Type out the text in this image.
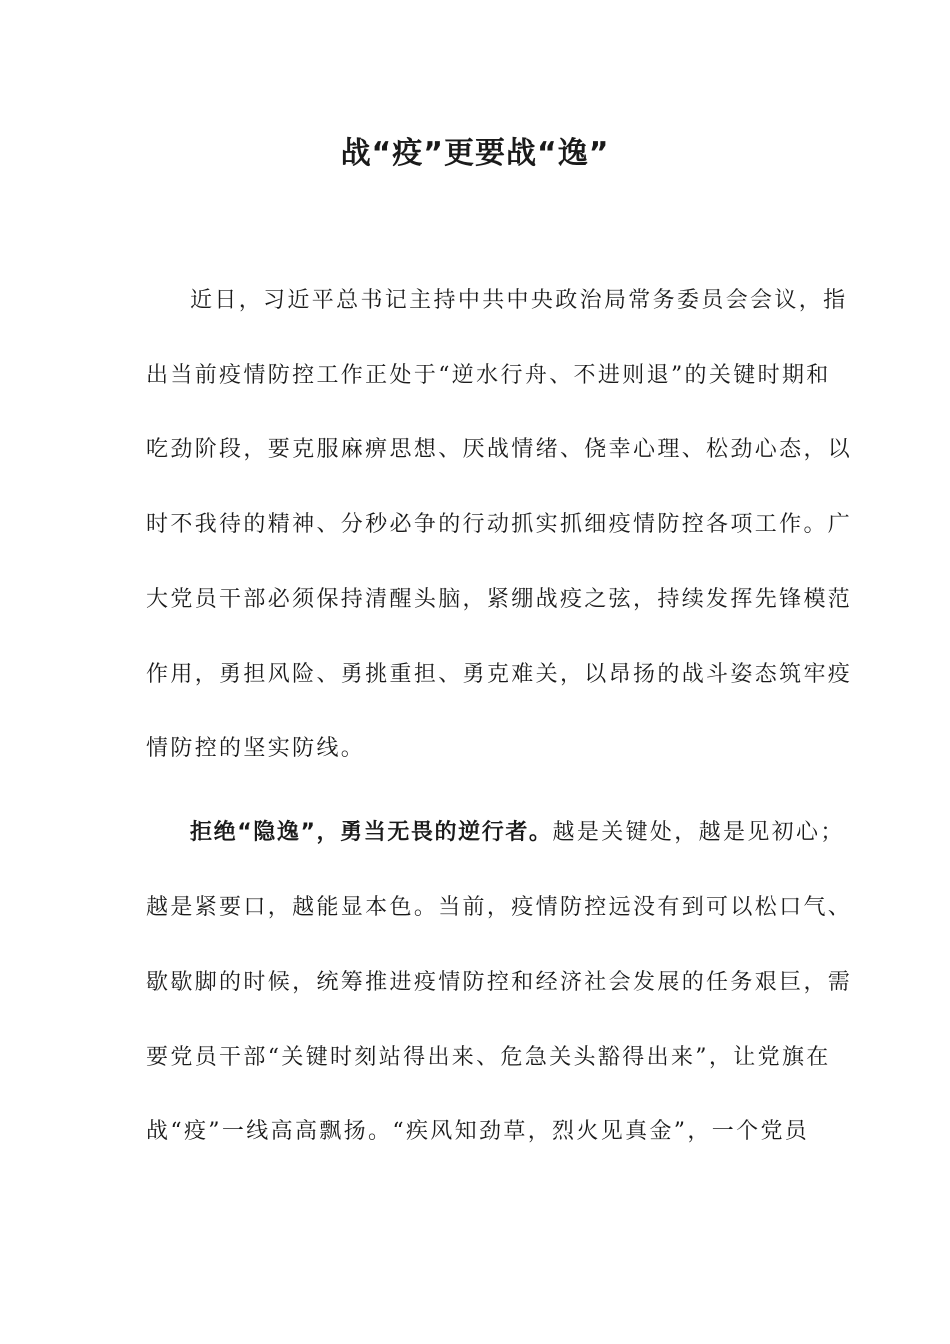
战“疫”更要战“逸”
近日，习近平总书记主持中共中央政治局常务委员会会议，指
出当前疫情防控工作正处于“逆水行舟、不进则退”的关键时期和
吃劲阶段，要克服麻痹思想、厌战情绪、侥幸心理、松劲心态，以
时不我待的精神、分秒必争的行动抓实抓细疫情防控各项工作。广
大党员干部必须保持清醒头脑，紧绷战疫之弦，持续发挥先锋模范
作用，勇担风险、勇挑重担、勇克难关，以昂扬的战斗姿态筑牢疫
情防控的坚实防线。
拒绝“隐逸”，勇当无畏的逆行者。越是关键处，越是见初心；
越是紧要口，越能显本色。当前，疫情防控远没有到可以松口气、
歇歇脚的时候，统筹推进疫情防控和经济社会发展的任务艰巨，需
要党员干部“关键时刻站得出来、危急关头豁得出来”，让党旗在
战“疫”一线高高飘扬。“疾风知劲草，烈火见真金”，一个党员
